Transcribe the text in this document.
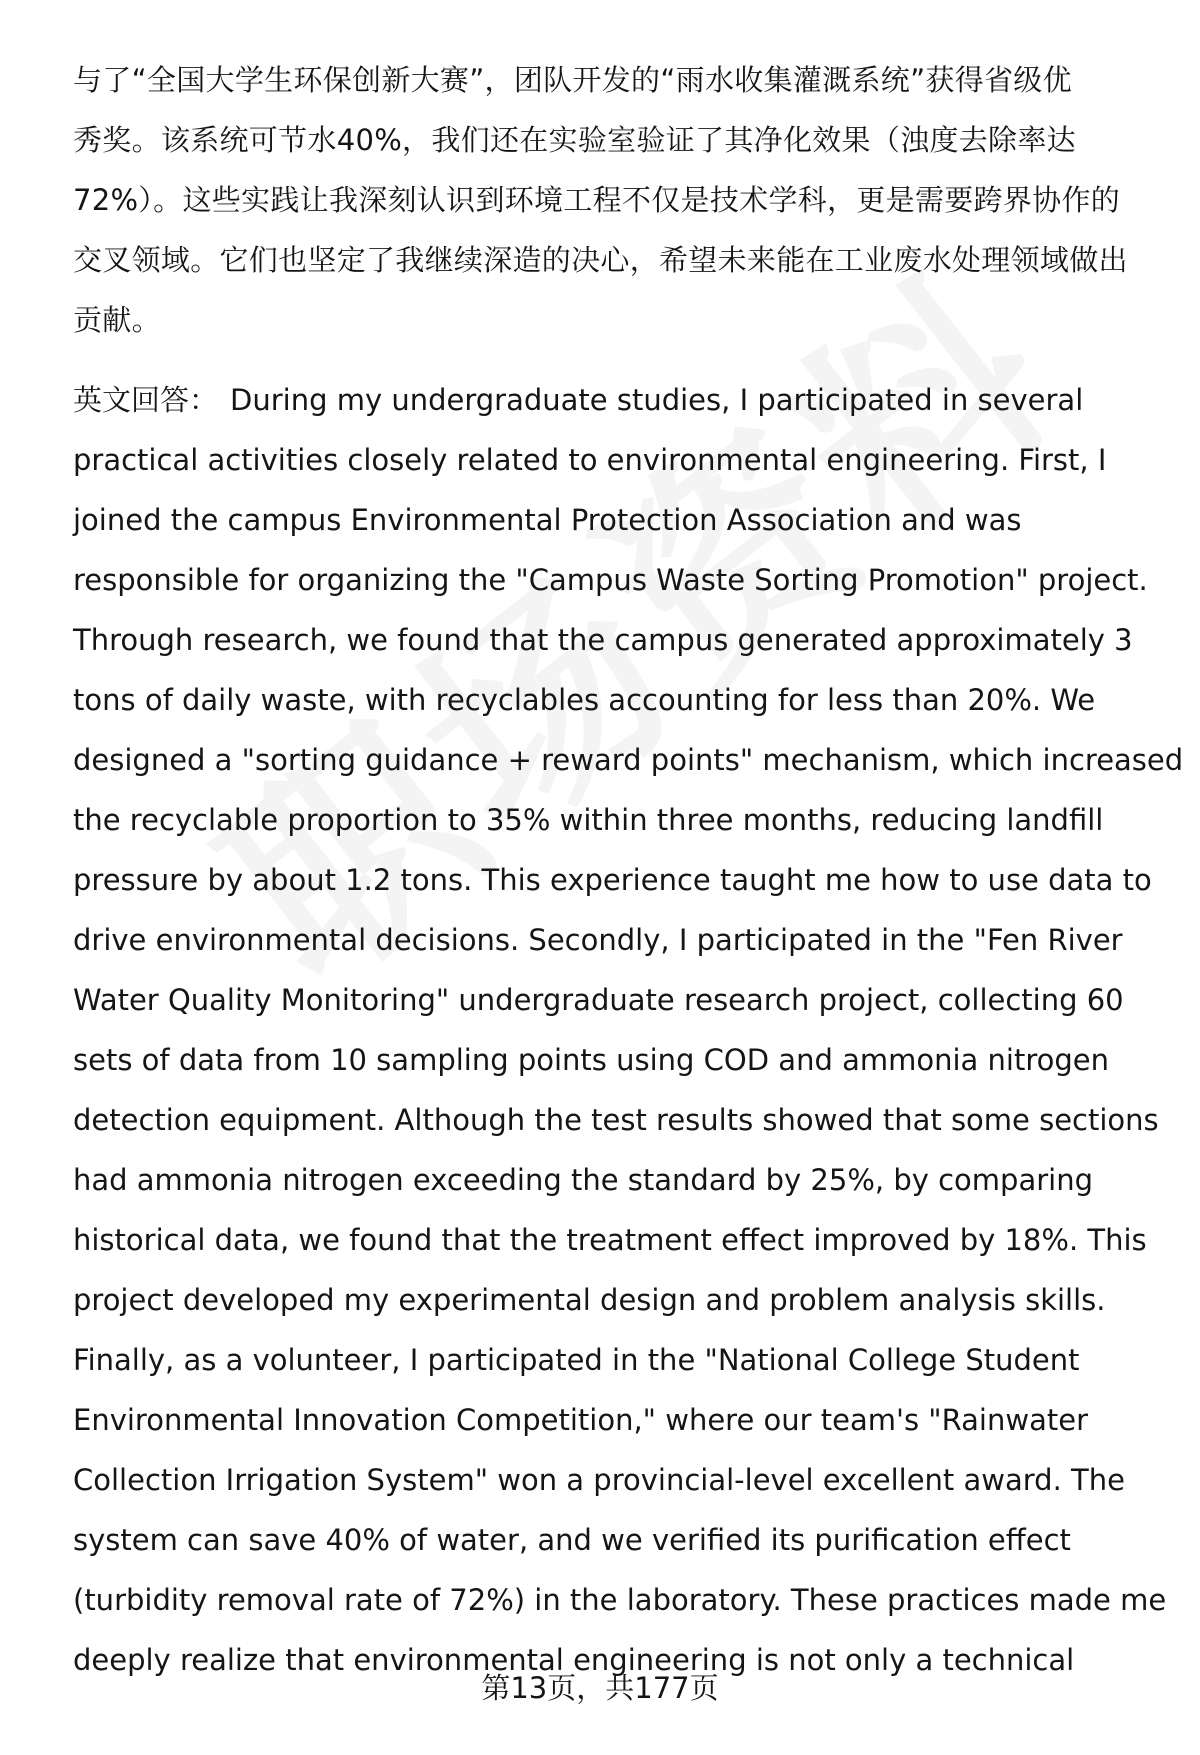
与了“全国大学生环保创新大赛”，团队开发的“雨水收集灌溉系统”获得省级优
秀奖。该系统可节水40%，我们还在实验室验证了其净化效果（浊度去除率达
72%）。这些实践让我深刻认识到环境工程不仅是技术学科，更是需要跨界协作的
交叉领域。它们也坚定了我继续深造的决心，希望未来能在工业废水处理领域做出
贡献。
英文回答： During my undergraduate studies, I participated in several
practical activities closely related to environmental engineering. First, I
joined the campus Environmental Protection Association and was
responsible for organizing the "Campus Waste Sorting Promotion" project.
Through research, we found that the campus generated approximately 3
tons of daily waste, with recyclables accounting for less than 20%. We
designed a "sorting guidance + reward points" mechanism, which increased
the recyclable proportion to 35% within three months, reducing landfill
pressure by about 1.2 tons. This experience taught me how to use data to
drive environmental decisions. Secondly, I participated in the "Fen River
Water Quality Monitoring" undergraduate research project, collecting 60
sets of data from 10 sampling points using COD and ammonia nitrogen
detection equipment. Although the test results showed that some sections
had ammonia nitrogen exceeding the standard by 25%, by comparing
historical data, we found that the treatment effect improved by 18%. This
project developed my experimental design and problem analysis skills.
Finally, as a volunteer, I participated in the "National College Student
Environmental Innovation Competition," where our team's "Rainwater
Collection Irrigation System" won a provincial-level excellent award. The
system can save 40% of water, and we verified its purification effect
(turbidity removal rate of 72%) in the laboratory. These practices made me
deeply realize that environmental engineering is not only a technical
第13页，共177页
